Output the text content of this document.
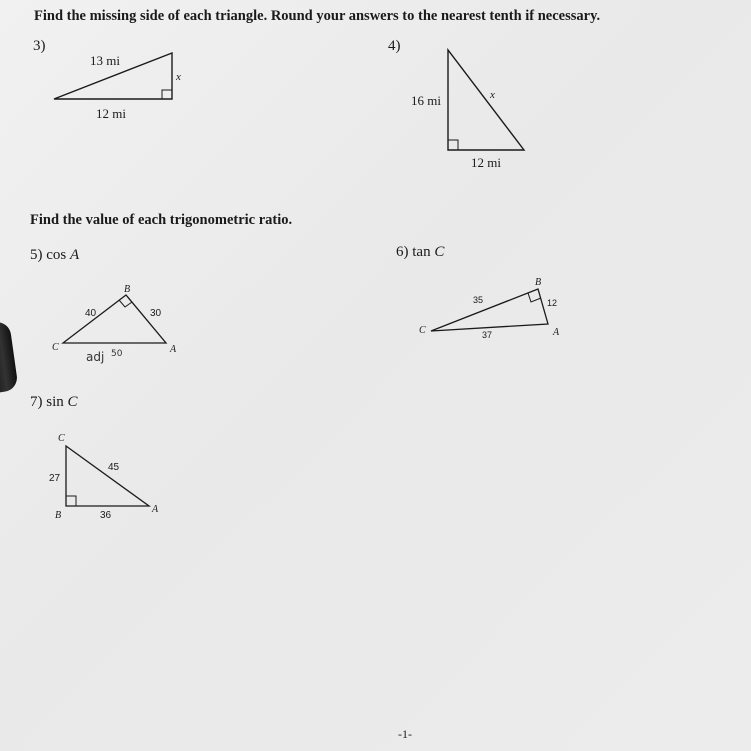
Find the missing side of each triangle. Round your answers to the nearest tenth if necessary.
3)
13 mi
12 mi
x
4)
16 mi
12 mi
x
Find the value of each trigonometric ratio.
5) cos A
B
C	A
40	30
adj 50
6) tan C
B
C	A
35	12
37
7) sin C
C
B
A
27
45
36
-1-
